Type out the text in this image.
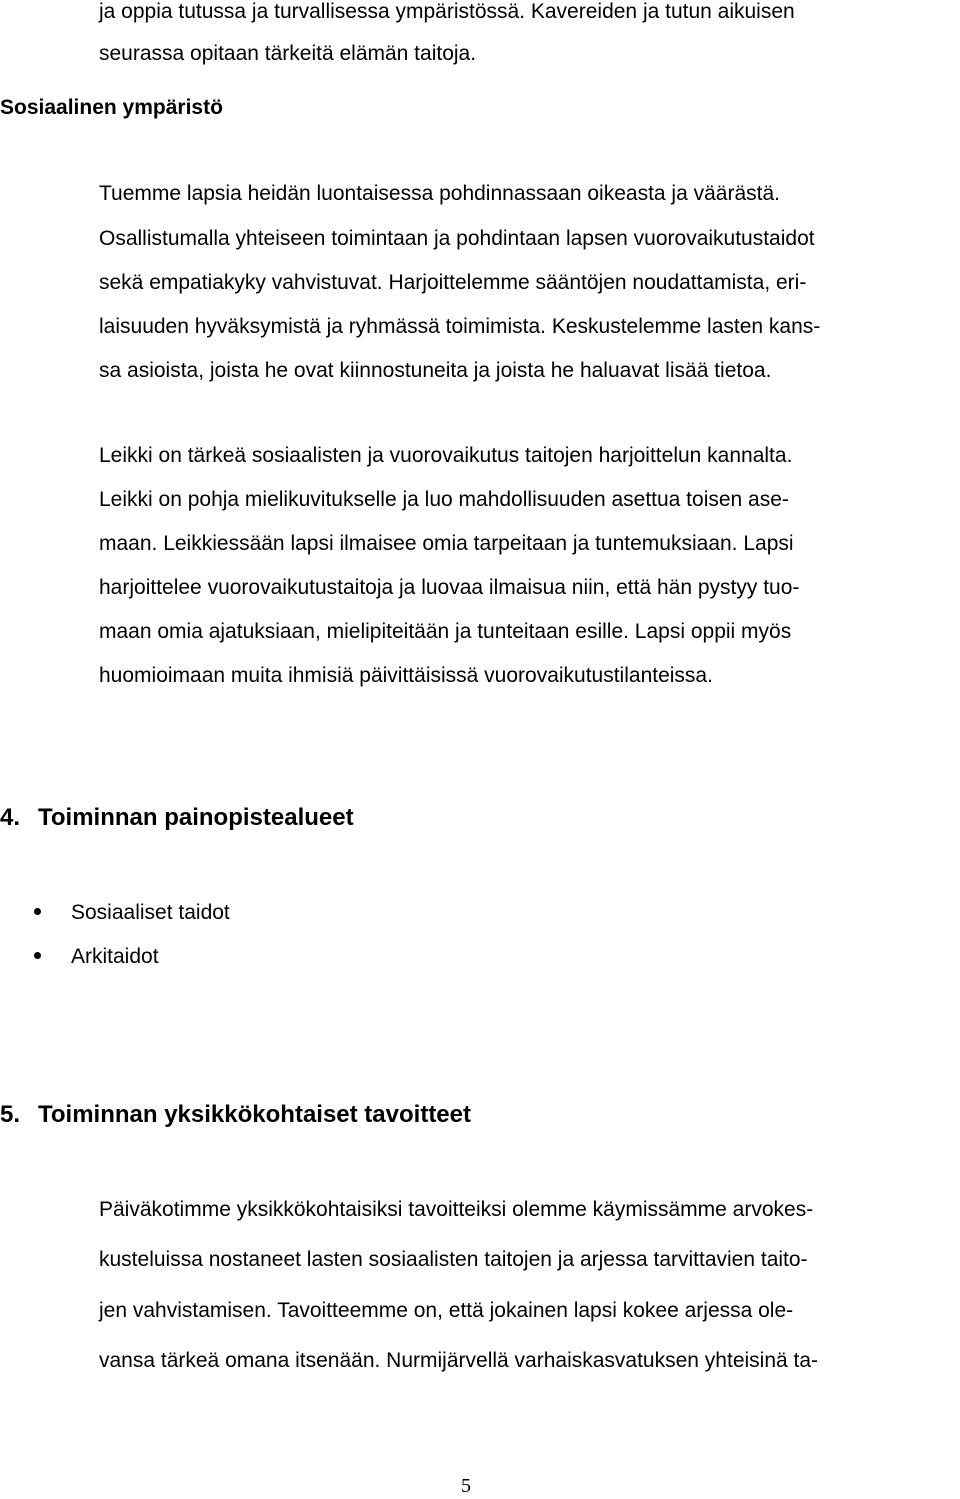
ja oppia tutussa ja turvallisessa ympäristössä. Kavereiden ja tutun aikuisen

seurassa opitaan tärkeitä elämän taitoja.

Sosiaalinen ympäristö

Tuemme lapsia heidän luontaisessa pohdinnassaan oikeasta ja väärästä.

Osallistumalla yhteiseen toimintaan ja pohdintaan lapsen vuorovaikutustaidot

sekä empatiakyky vahvistuvat. Harjoittelemme sääntöjen noudattamista, eri-

laisuuden hyväksymistä ja ryhmässä toimimista. Keskustelemme lasten kans-

sa asioista, joista he ovat kiinnostuneita ja joista he haluavat lisää tietoa.

Leikki on tärkeä sosiaalisten ja vuorovaikutus taitojen harjoittelun kannalta.

Leikki on pohja mielikuvitukselle ja luo mahdollisuuden asettua toisen ase-

maan. Leikkiessään lapsi ilmaisee omia tarpeitaan ja tuntemuksiaan. Lapsi

harjoittelee vuorovaikutustaitoja ja luovaa ilmaisua niin, että hän pystyy tuo-

maan omia ajatuksiaan, mielipiteitään ja tunteitaan esille. Lapsi oppii myös

huomioimaan muita ihmisiä päivittäisissä vuorovaikutustilanteissa.

4. Toiminnan painopistealueet
Sosiaaliset taidot
Arkitaidot
5. Toiminnan yksikkökohtaiset tavoitteet

Päiväkotimme yksikkökohtaisiksi tavoitteiksi olemme käymissämme arvokes-

kusteluissa nostaneet lasten sosiaalisten taitojen ja arjessa tarvittavien taito-

jen vahvistamisen. Tavoitteemme on, että jokainen lapsi kokee arjessa ole-

vansa tärkeä omana itsenään. Nurmijärvellä varhaiskasvatuksen yhteisinä ta-

5
